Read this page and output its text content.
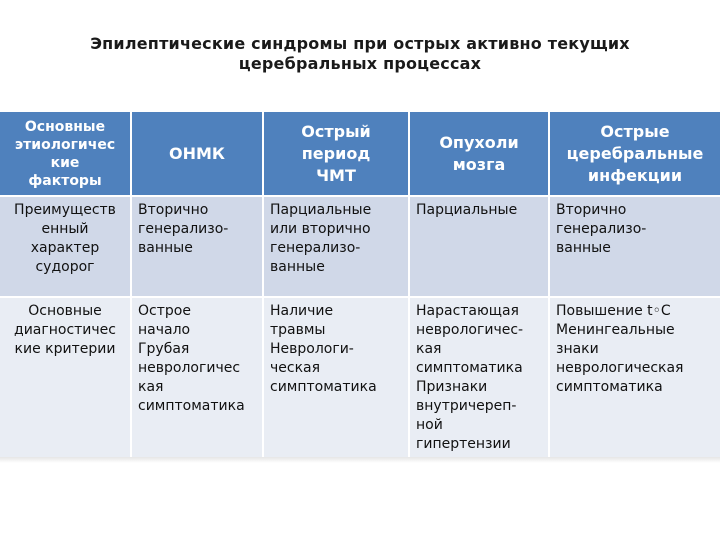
Эпилептические синдромы при острых активно текущих
церебральных процессах
Основные
этиологичес
кие
факторы
ОНМК
Острый
период
ЧМТ
Опухоли
мозга
Острые
церебральные
инфекции
Преимуществ
енный
характер
судорог
Вторично
генерализо-
ванные
Парциальные
или вторично
генерализо-
ванные
Парциальные	Вторично
генерализо-
ванные
Основные
диагностичес
кие критерии
Острое
начало
Грубая
неврологичес
кая
симптоматика
Наличие
травмы
Неврологи-
ческая
симптоматика
Нарастающая
неврологичес-
кая
симптоматика
Признаки
внутричереп-
ной
гипертензии
Повышение t◦C
Менингеальные
знаки
неврологическая
симптоматика
